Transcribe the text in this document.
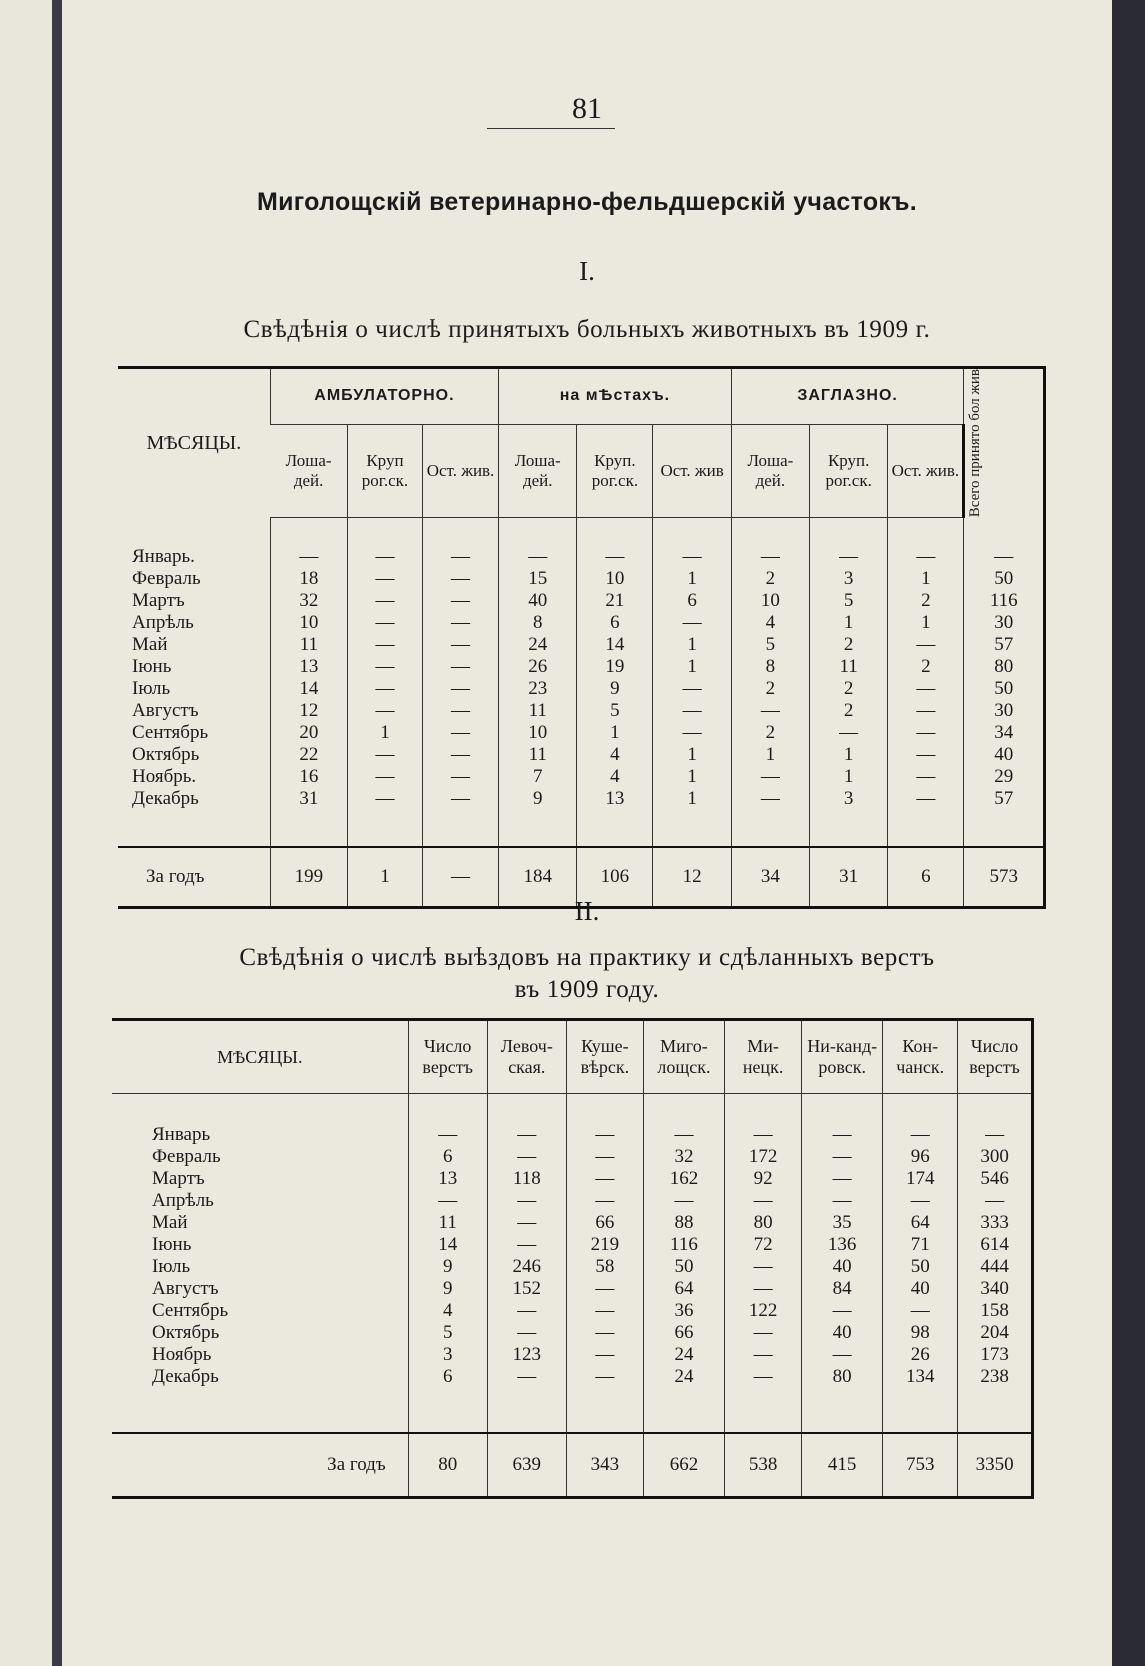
81
Миголощскій ветеринарно-фельдшерскій участокъ.
I.
Свѣдѣнія о числѣ принятыхъ больныхъ животныхъ въ 1909 г.
МѢСЯЦЫ.	АМБУЛАТОРНО.			на мѢстахъ.			ЗАГЛАЗНО.			Всего принято бол жив

	Лоша-дей.	Круп рог.ск.	Ост. жив.	Лоша-дей.	Круп. рог.ск.	Ост. жив	Лоша-дей.	Круп. рог.ск.	Ост. жив.	

Январь.	—	—	—	—	—	—	—	—	—	—
Февраль	18	—	—	15	10	1	2	3	1	50
Мартъ	32	—	—	40	21	6	10	5	2	116
Апрѣль	10	—	—	8	6	—	4	1	1	30
Май	11	—	—	24	14	1	5	2	—	57
Іюнь	13	—	—	26	19	1	8	11	2	80
Іюль	14	—	—	23	9	—	2	2	—	50
Августъ	12	—	—	11	5	—	—	2	—	30
Сентябрь	20	1	—	10	1	—	2	—	—	34
Октябрь	22	—	—	11	4	1	1	1	—	40
Ноябрь.	16	—	—	7	4	1	—	1	—	29
Декабрь	31	—	—	9	13	1	—	3	—	57

За годъ	199	1	—	184	106	12	34	31	6	573
II.
Свѣдѣнія о числѣ выѣздовъ на практику и сдѣланныхъ верстъ
въ 1909 году.
МѢСЯЦЫ.	Число верстъ	Левоч-ская.	Куше-вѣрск.	Миго-лощск.	Ми-нецк.	Ни-канд-ровск.	Кон-чанск.	Число верстъ

Январь	—	—	—	—	—	—	—	—
Февраль	6	—	—	32	172	—	96	300
Мартъ	13	118	—	162	92	—	174	546
Апрѣль	—	—	—	—	—	—	—	—
Май	11	—	66	88	80	35	64	333
Іюнь	14	—	219	116	72	136	71	614
Іюль	9	246	58	50	—	40	50	444
Августъ	9	152	—	64	—	84	40	340
Сентябрь	4	—	—	36	122	—	—	158
Октябрь	5	—	—	66	—	40	98	204
Ноябрь	3	123	—	24	—	—	26	173
Декабрь	6	—	—	24	—	80	134	238

За годъ	80	639	343	662	538	415	753	3350
